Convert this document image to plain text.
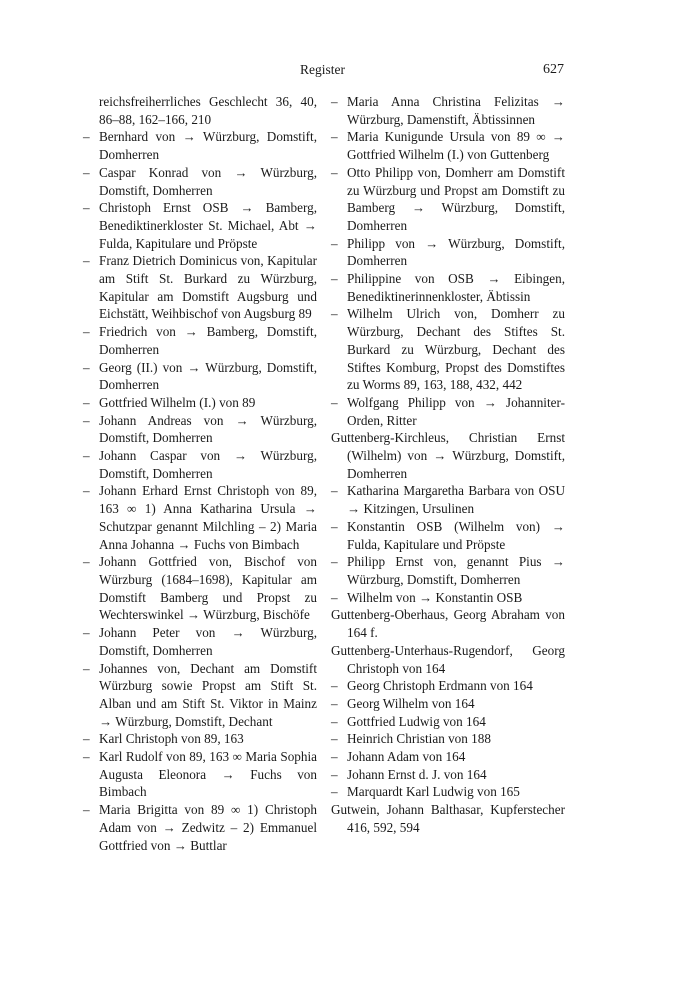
Register	627

reichsfreiherrliches Geschlecht 36, 40, 86–88, 162–166, 210

– Bernhard von → Würzburg, Domstift, Domherren

– Caspar Konrad von → Würzburg, Domstift, Domherren

– Christoph Ernst OSB → Bamberg, Benediktinerkloster St. Michael, Abt → Fulda, Kapitulare und Pröpste

– Franz Dietrich Dominicus von, Kapitular am Stift St. Burkard zu Würzburg, Kapitular am Domstift Augsburg und Eichstätt, Weihbischof von Augsburg 89

– Friedrich von → Bamberg, Domstift, Domherren

– Georg (II.) von → Würzburg, Domstift, Domherren

– Gottfried Wilhelm (I.) von 89

– Johann Andreas von → Würzburg, Domstift, Domherren

– Johann Caspar von → Würzburg, Domstift, Domherren

– Johann Erhard Ernst Christoph von 89, 163 ∞ 1) Anna Katharina Ursula → Schutzpar genannt Milchling – 2) Maria Anna Johanna → Fuchs von Bimbach

– Johann Gottfried von, Bischof von Würzburg (1684–1698), Kapitular am Domstift Bamberg und Propst zu Wechterswinkel → Würzburg, Bischöfe

– Johann Peter von → Würzburg, Domstift, Domherren

– Johannes von, Dechant am Domstift Würzburg sowie Propst am Stift St. Alban und am Stift St. Viktor in Mainz → Würzburg, Domstift, Dechant

– Karl Christoph von 89, 163

– Karl Rudolf von 89, 163 ∞ Maria Sophia Augusta Eleonora → Fuchs von Bimbach

– Maria Brigitta von 89 ∞ 1) Christoph Adam von → Zedwitz – 2) Emmanuel Gottfried von → Buttlar

– Maria Anna Christina Felizitas → Würzburg, Damenstift, Äbtissinnen

– Maria Kunigunde Ursula von 89 ∞ → Gottfried Wilhelm (I.) von Guttenberg

– Otto Philipp von, Domherr am Domstift zu Würzburg und Propst am Domstift zu Bamberg → Würzburg, Domstift, Domherren

– Philipp von → Würzburg, Domstift, Domherren

– Philippine von OSB → Eibingen, Benediktinerinnenkloster, Äbtissin

– Wilhelm Ulrich von, Domherr zu Würzburg, Dechant des Stiftes St. Burkard zu Würzburg, Dechant des Stiftes Komburg, Propst des Domstiftes zu Worms 89, 163, 188, 432, 442

– Wolfgang Philipp von → Johanniter-Orden, Ritter

Guttenberg-Kirchleus, Christian Ernst (Wilhelm) von → Würzburg, Domstift, Domherren

– Katharina Margaretha Barbara von OSU → Kitzingen, Ursulinen

– Konstantin OSB (Wilhelm von) → Fulda, Kapitulare und Pröpste

– Philipp Ernst von, genannt Pius → Würzburg, Domstift, Domherren

– Wilhelm von → Konstantin OSB

Guttenberg-Oberhaus, Georg Abraham von 164 f.

Guttenberg-Unterhaus-Rugendorf, Georg Christoph von 164

– Georg Christoph Erdmann von 164

– Georg Wilhelm von 164

– Gottfried Ludwig von 164

– Heinrich Christian von 188

– Johann Adam von 164

– Johann Ernst d. J. von 164

– Marquardt Karl Ludwig von 165

Gutwein, Johann Balthasar, Kupferstecher 416, 592, 594
